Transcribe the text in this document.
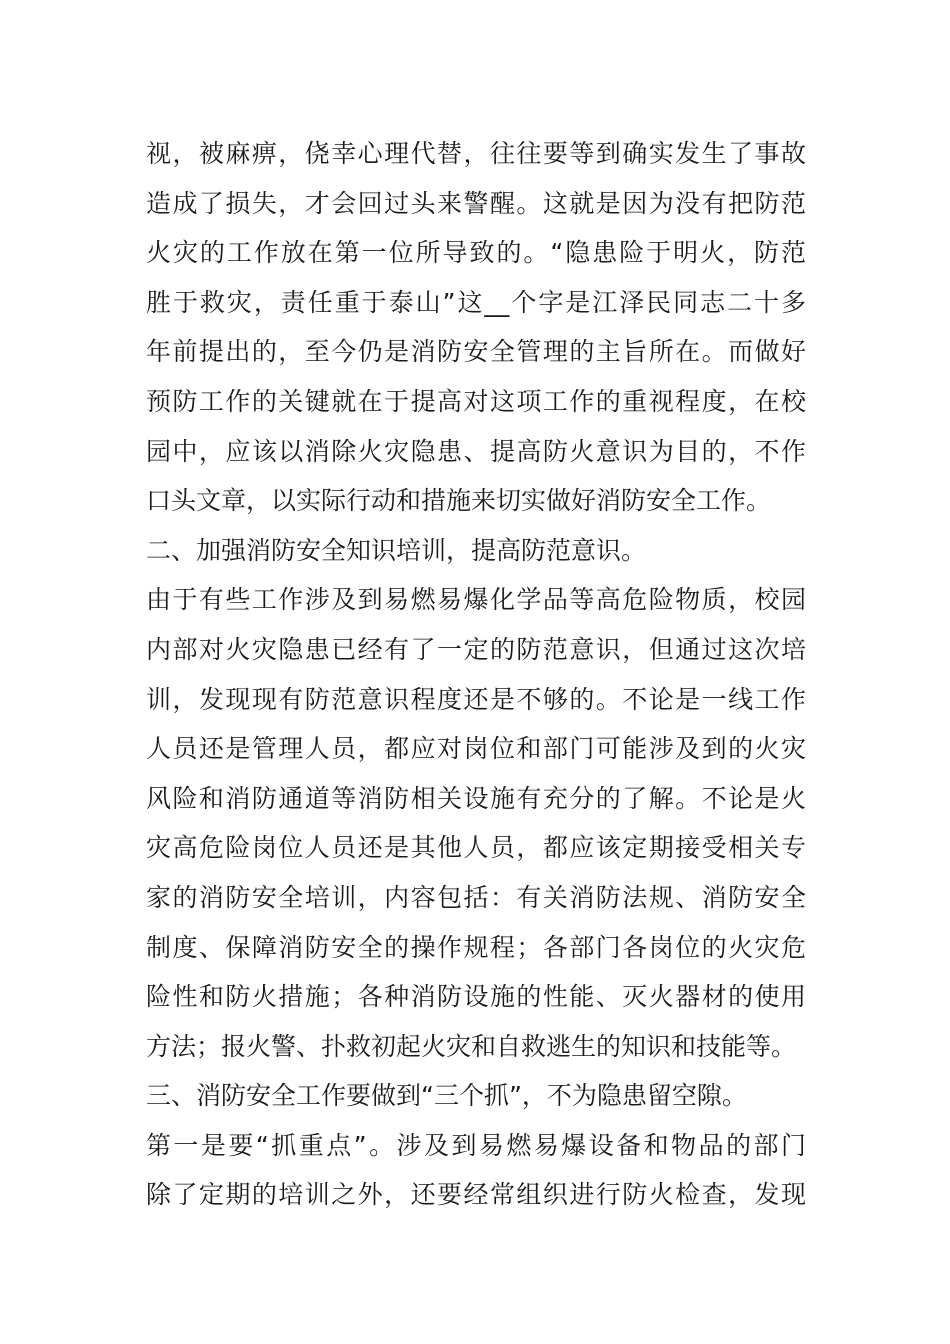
视，被麻痹，侥幸心理代替，往往要等到确实发生了事故
造成了损失，才会回过头来警醒。这就是因为没有把防范
火灾的工作放在第一位所导致的。“隐患险于明火，防范
胜于救灾，责任重于泰山”这__个字是江泽民同志二十多
年前提出的，至今仍是消防安全管理的主旨所在。而做好
预防工作的关键就在于提高对这项工作的重视程度，在校
园中，应该以消除火灾隐患、提高防火意识为目的，不作
口头文章，以实际行动和措施来切实做好消防安全工作。
二、加强消防安全知识培训，提高防范意识。
由于有些工作涉及到易燃易爆化学品等高危险物质，校园
内部对火灾隐患已经有了一定的防范意识，但通过这次培
训，发现现有防范意识程度还是不够的。不论是一线工作
人员还是管理人员，都应对岗位和部门可能涉及到的火灾
风险和消防通道等消防相关设施有充分的了解。不论是火
灾高危险岗位人员还是其他人员，都应该定期接受相关专
家的消防安全培训，内容包括：有关消防法规、消防安全
制度、保障消防安全的操作规程；各部门各岗位的火灾危
险性和防火措施；各种消防设施的性能、灭火器材的使用
方法；报火警、扑救初起火灾和自救逃生的知识和技能等。
三、消防安全工作要做到“三个抓”，不为隐患留空隙。
第一是要“抓重点”。涉及到易燃易爆设备和物品的部门
除了定期的培训之外，还要经常组织进行防火检查，发现
